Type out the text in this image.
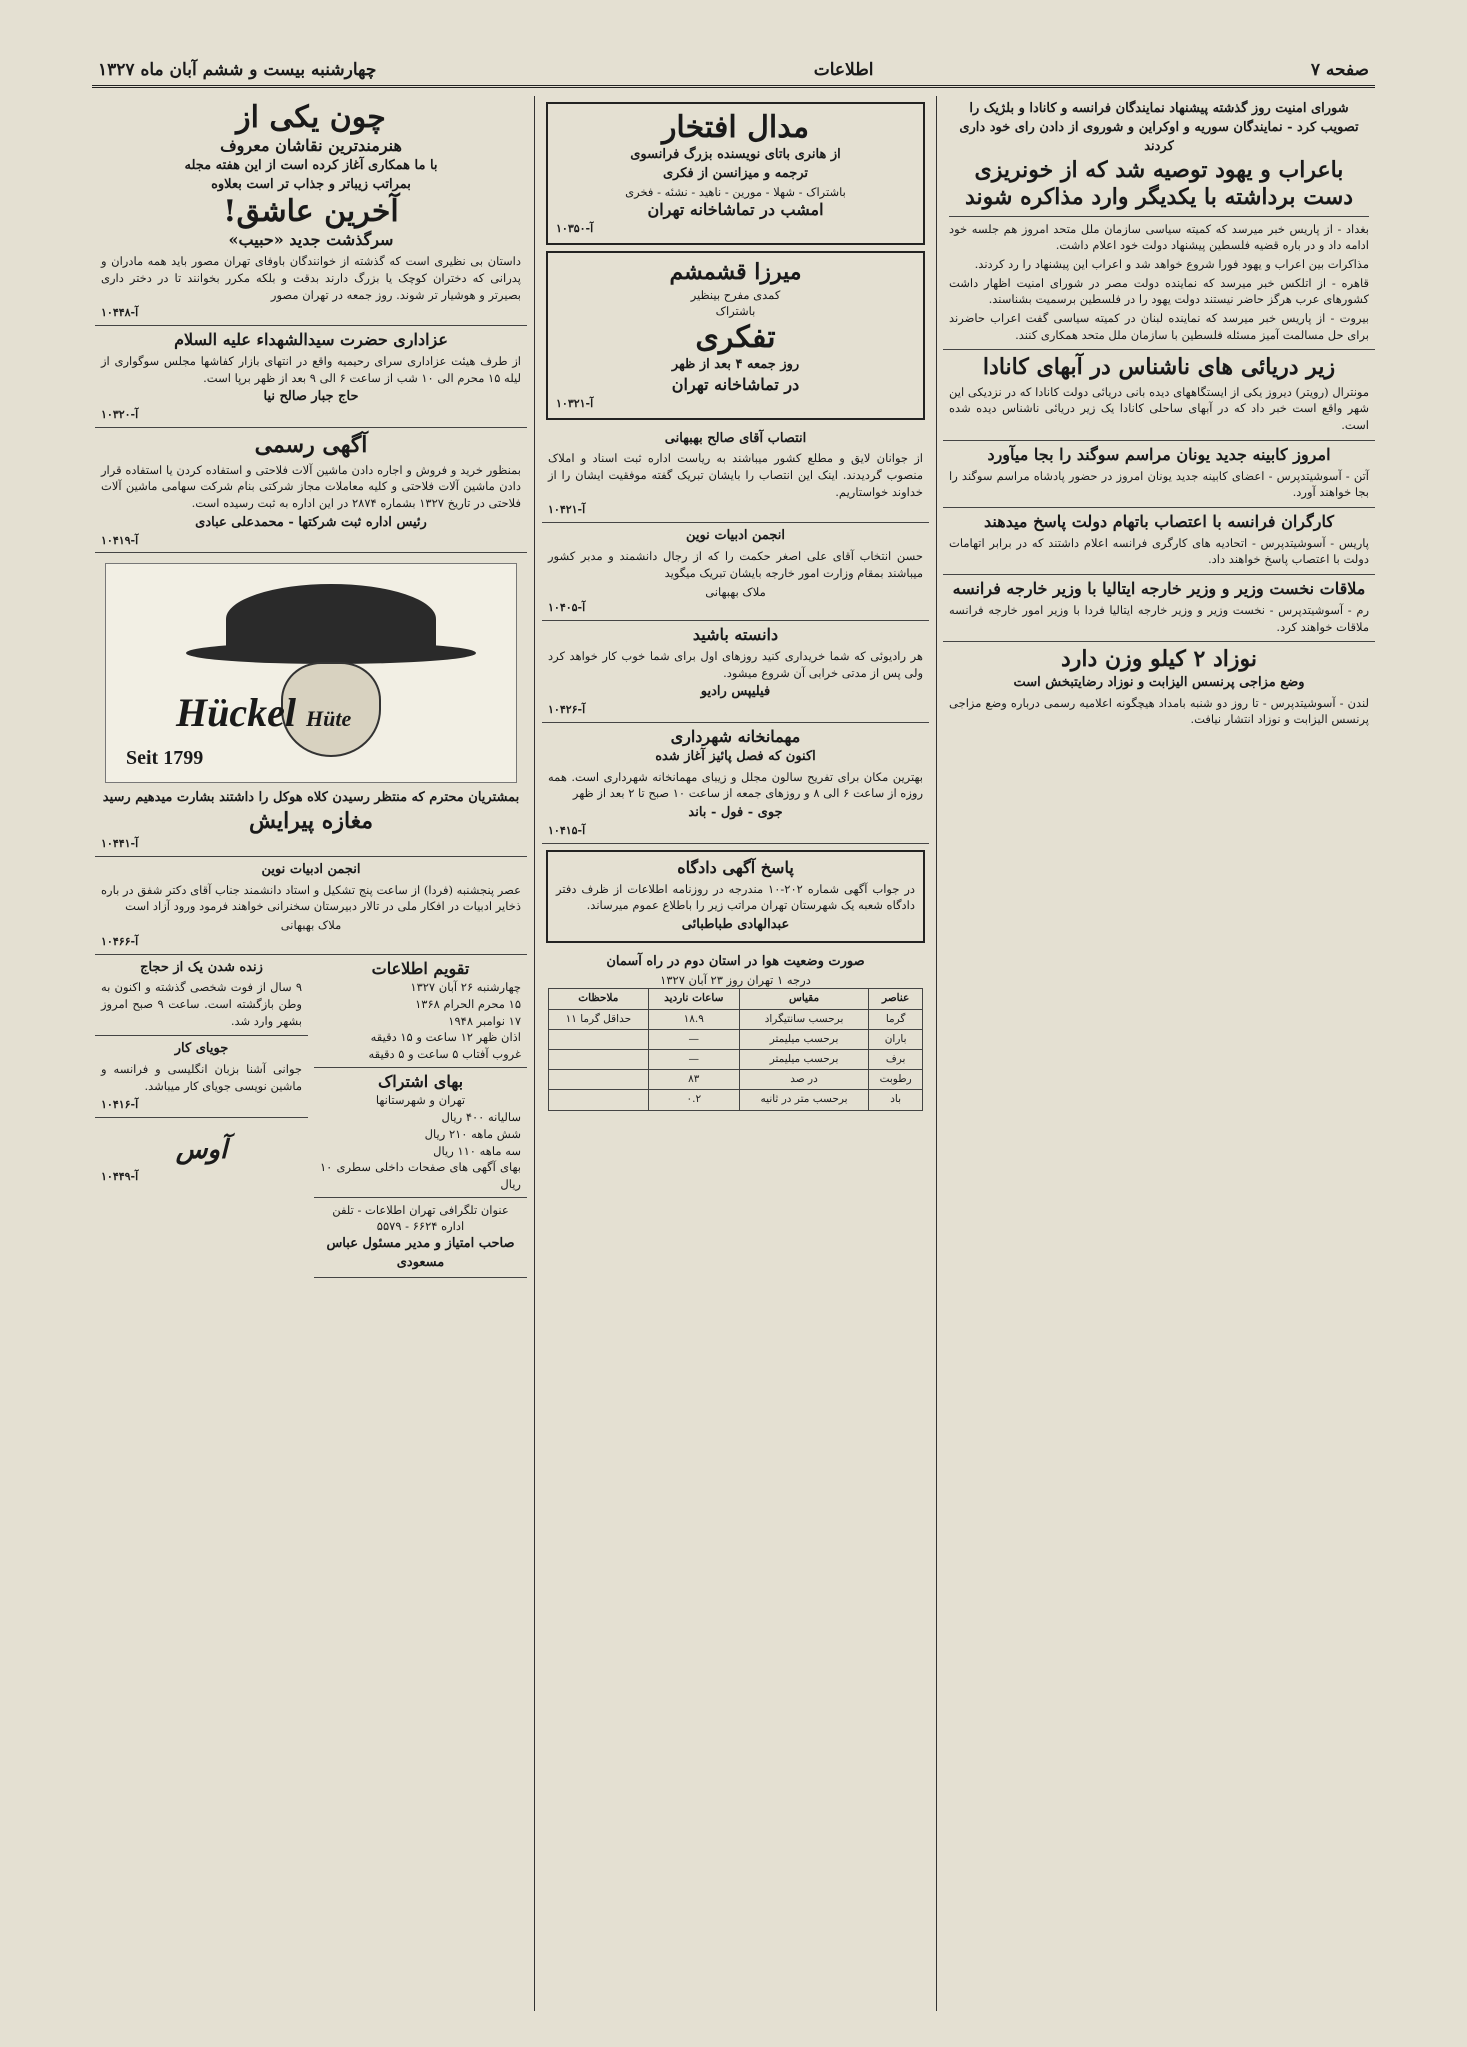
صفحه ۷
اطلاعات
چهارشنبه بیست و ششم آبان ماه ۱۳۲۷
شورای امنیت روز گذشته پیشنهاد نمایندگان فرانسه و کانادا و بلژیک را تصویب کرد - نمایندگان سوریه و اوکراین و شوروی از دادن رای خود داری کردند
باعراب و یهود توصیه شد که از خونریزی دست برداشته با یکدیگر وارد مذاکره شوند

بغداد - از پاریس خبر میرسد که کمیته سیاسی سازمان ملل متحد امروز هم جلسه خود ادامه داد و در باره قضیه فلسطین پیشنهاد دولت خود اعلام داشت.

مذاکرات بین اعراب و یهود فورا شروع خواهد شد و اعراب این پیشنهاد را رد کردند.

قاهره - از اتلکس خبر میرسد که نماینده دولت مصر در شورای امنیت اظهار داشت کشورهای عرب هرگز حاضر نیستند دولت یهود را در فلسطین برسمیت بشناسند.

بیروت - از پاریس خبر میرسد که نماینده لبنان در کمیته سیاسی گفت اعراب حاضرند برای حل مسالمت آمیز مسئله فلسطین با سازمان ملل متحد همکاری کنند.

زیر دریائی های ناشناس در آبهای کانادا

مونترال (رویتر) دیروز یکی از ایستگاههای دیده بانی دریائی دولت کانادا که در نزدیکی این شهر واقع است خبر داد که در آبهای ساحلی کانادا یک زیر دریائی ناشناس دیده شده است.

امروز کابینه جدید یونان مراسم سوگند را بجا میآورد

آتن - آسوشیتدپرس - اعضای کابینه جدید یونان امروز در حضور پادشاه مراسم سوگند را بجا خواهند آورد.

کارگران فرانسه با اعتصاب باتهام دولت پاسخ میدهند

پاریس - آسوشیتدپرس - اتحادیه های کارگری فرانسه اعلام داشتند که در برابر اتهامات دولت با اعتصاب پاسخ خواهند داد.

ملاقات نخست وزیر و وزیر خارجه ایتالیا با وزیر خارجه فرانسه

رم - آسوشیتدپرس - نخست وزیر و وزیر خارجه ایتالیا فردا با وزیر امور خارجه فرانسه ملاقات خواهند کرد.

نوزاد ۲ کیلو وزن دارد
وضع مزاجی پرنسس الیزابت و نوزاد رضایتبخش است

لندن - آسوشیتدپرس - تا روز دو شنبه بامداد هیچگونه اعلامیه رسمی درباره وضع مزاجی پرنسس الیزابت و نوزاد انتشار نیافت.

مدال افتخار
از هانری باتای نویسنده بزرگ فرانسوی
ترجمه و میزانسن از فکری
باشتراک - شهلا - مورین - ناهید - نشئه - فخری
امشب در تماشاخانه تهران
آ-۱۰۳۵۰
میرزا قشمشم
کمدی مفرح بینظیر
باشتراک
تفکری
روز جمعه ۴ بعد از ظهر
در تماشاخانه تهران
آ-۱۰۳۲۱
انتصاب آقای صالح بهبهانی

از جوانان لایق و مطلع کشور میباشند به ریاست اداره ثبت اسناد و املاک منصوب گردیدند. اینک این انتصاب را بایشان تبریک گفته موفقیت ایشان را از خداوند خواستاریم.

آ-۱۰۴۲۱
انجمن ادبیات نوین

حسن انتخاب آقای علی اصغر حکمت را که از رجال دانشمند و مدبر کشور میباشند بمقام وزارت امور خارجه بایشان تبریک میگوید

ملاک بهبهانی
آ-۱۰۴۰۵
دانسته باشید

هر رادیوئی که شما خریداری کنید روزهای اول برای شما خوب کار خواهد کرد ولی پس از مدتی خرابی آن شروع میشود.

فیلیپس رادیو
آ-۱۰۴۲۶
مهمانخانه شهرداری
اکنون که فصل پائیز آغاز شده

بهترین مکان برای تفریح سالون مجلل و زیبای مهمانخانه شهرداری است. همه روزه از ساعت ۶ الی ۸ و روزهای جمعه از ساعت ۱۰ صبح تا ۲ بعد از ظهر

جوی - فول - باند
آ-۱۰۴۱۵
پاسخ آگهی دادگاه

در جواب آگهی شماره ۲۰۲-۱۰ مندرجه در روزنامه اطلاعات از ظرف دفتر دادگاه شعبه یک شهرستان تهران مراتب زیر را باطلاع عموم میرساند.

عبدالهادی طباطبائی
صورت وضعیت هوا در استان دوم در راه آسمان
درجه ۱ تهران روز ۲۳ آبان ۱۳۲۷
عناصر	مقیاس	ساعات نارديد	ملاحظات
گرما	برحسب سانتیگراد	۱۸.۹	حداقل گرما ۱۱
باران	برحسب میلیمتر	—	
برف	برحسب میلیمتر	—	
رطوبت	در صد	۸۳	
باد	برحسب متر در ثانیه	۰.۲	
چون یکی از
هنرمندترین نقاشان معروف
با ما همکاری آغاز کرده است از این هفته مجله
بمراتب زیباتر و جذاب تر است بعلاوه
آخرین عاشق!
سرگذشت جدید «حبیب»

داستان بی نظیری است که گذشته از خوانندگان باوفای تهران مصور باید همه مادران و پدرانی که دختران کوچک یا بزرگ دارند بدقت و بلکه مکرر بخوانند تا در دختر داری بصیرتر و هوشیار تر شوند. روز جمعه در تهران مصور

آ-۱۰۴۴۸
عزاداری حضرت سیدالشهداء علیه السلام

از طرف هیئت عزاداری سرای رحیمیه واقع در انتهای بازار کفاشها مجلس سوگواری از لیله ۱۵ محرم الی ۱۰ شب از ساعت ۶ الی ۹ بعد از ظهر برپا است.

حاج جبار صالح نیا
آ-۱۰۳۲۰
آگهی رسمی

بمنظور خرید و فروش و اجاره دادن ماشین آلات فلاحتی و استفاده کردن یا استفاده قرار دادن ماشین آلات فلاحتی و کلیه معاملات مجاز شرکتی بنام شرکت سهامی ماشین آلات فلاحتی در تاریخ ۱۳۲۷ بشماره ۲۸۷۴ در این اداره به ثبت رسیده است.

رئیس اداره ثبت شرکتها - محمدعلی عبادی
آ-۱۰۴۱۹
Hückel Hüte
Seit 1799
بمشتریان محترم که منتظر رسیدن کلاه هوکل را داشتند بشارت میدهیم رسید
مغازه پیرایش
آ-۱۰۴۴۱
انجمن ادبیات نوین

عصر پنجشنبه (فردا) از ساعت پنج تشکیل و استاد دانشمند جناب آقای دکتر شفق در باره ذخایر ادبیات در افکار ملی در تالار دبیرستان سخنرانی خواهند فرمود ورود آزاد است

ملاک بهبهانی
آ-۱۰۴۶۶
تقویم اطلاعات
چهارشنبه ۲۶ آبان ۱۳۲۷
۱۵ محرم الحرام ۱۳۶۸
۱۷ نوامبر ۱۹۴۸
اذان ظهر ۱۲ ساعت و ۱۵ دقیقه
غروب آفتاب ۵ ساعت و ۵ دقیقه
بهای اشتراک
تهران و شهرستانها
سالیانه ۴۰۰ ریال
شش ماهه ۲۱۰ ریال
سه ماهه ۱۱۰ ریال
بهای آگهی های صفحات داخلی سطری ۱۰ ریال
عنوان تلگرافی تهران اطلاعات - تلفن اداره ۶۶۲۴ - ۵۵۷۹
صاحب امتیاز و مدیر مسئول عباس مسعودی
زنده شدن یک از حجاج

۹ سال از فوت شخصی گذشته و اکنون به وطن بازگشته است. ساعت ۹ صبح امروز بشهر وارد شد.

جویای کار

جوانی آشنا بزبان انگلیسی و فرانسه و ماشین نویسی جویای کار میباشد.

آ-۱۰۴۱۶
آوس
آ-۱۰۴۴۹
